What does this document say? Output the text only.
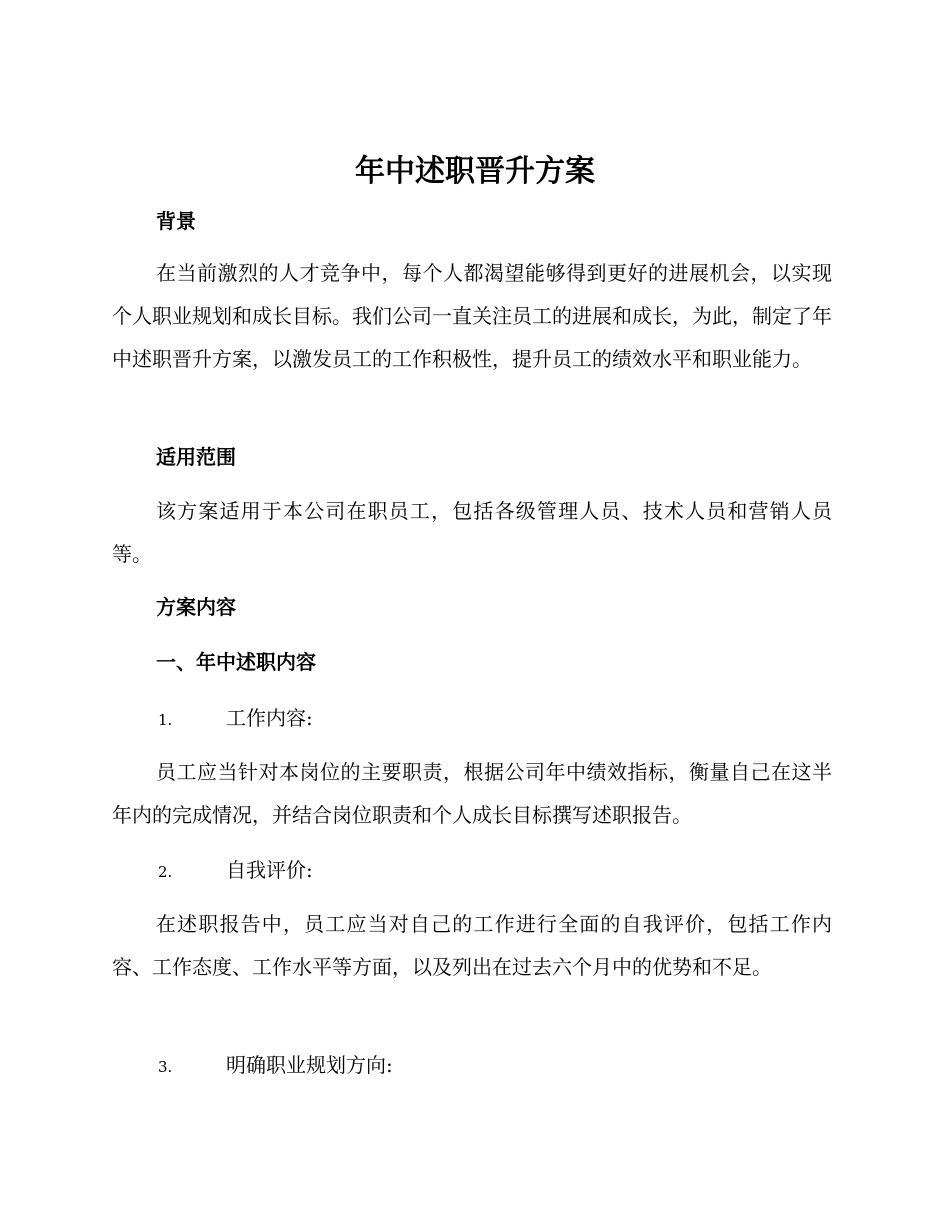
年中述职晋升方案
背景

在当前激烈的人才竞争中，每个人都渴望能够得到更好的进展机会，以实现个人职业规划和成长目标。我们公司一直关注员工的进展和成长，为此，制定了年中述职晋升方案，以激发员工的工作积极性，提升员工的绩效水平和职业能力。

适用范围

该方案适用于本公司在职员工，包括各级管理人员、技术人员和营销人员等。

方案内容
一、年中述职内容
1.	工作内容:

员工应当针对本岗位的主要职责，根据公司年中绩效指标，衡量自己在这半年内的完成情况，并结合岗位职责和个人成长目标撰写述职报告。

2.	自我评价:

在述职报告中，员工应当对自己的工作进行全面的自我评价，包括工作内容、工作态度、工作水平等方面，以及列出在过去六个月中的优势和不足。

3.	明确职业规划方向:
